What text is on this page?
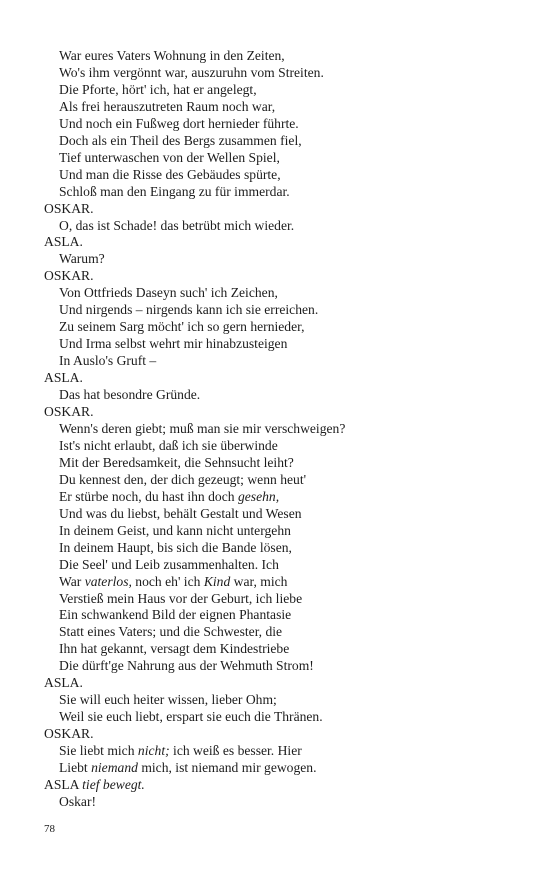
War eures Vaters Wohnung in den Zeiten,
Wo's ihm vergönnt war, auszuruhn vom Streiten.
Die Pforte, hört' ich, hat er angelegt,
Als frei herauszutreten Raum noch war,
Und noch ein Fußweg dort hernieder führte.
Doch als ein Theil des Bergs zusammen fiel,
Tief unterwaschen von der Wellen Spiel,
Und man die Risse des Gebäudes spürte,
Schloß man den Eingang zu für immerdar.
OSKAR.
O, das ist Schade! das betrübt mich wieder.
ASLA.
Warum?
OSKAR.
Von Ottfrieds Daseyn such' ich Zeichen,
Und nirgends – nirgends kann ich sie erreichen.
Zu seinem Sarg möcht' ich so gern hernieder,
Und Irma selbst wehrt mir hinabzusteigen
In Auslo's Gruft –
ASLA.
Das hat besondre Gründe.
OSKAR.
Wenn's deren giebt; muß man sie mir verschweigen?
Ist's nicht erlaubt, daß ich sie überwinde
Mit der Beredsamkeit, die Sehnsucht leiht?
Du kennest den, der dich gezeugt; wenn heut'
Er stürbe noch, du hast ihn doch gesehn,
Und was du liebst, behält Gestalt und Wesen
In deinem Geist, und kann nicht untergehn
In deinem Haupt, bis sich die Bande lösen,
Die Seel' und Leib zusammenhalten. Ich
War vaterlos, noch eh' ich Kind war, mich
Verstieß mein Haus vor der Geburt, ich liebe
Ein schwankend Bild der eignen Phantasie
Statt eines Vaters; und die Schwester, die
Ihn hat gekannt, versagt dem Kindestriebe
Die dürft'ge Nahrung aus der Wehmuth Strom!
ASLA.
Sie will euch heiter wissen, lieber Ohm;
Weil sie euch liebt, erspart sie euch die Thränen.
OSKAR.
Sie liebt mich nicht; ich weiß es besser. Hier
Liebt niemand mich, ist niemand mir gewogen.
ASLA tief bewegt.
Oskar!
78
